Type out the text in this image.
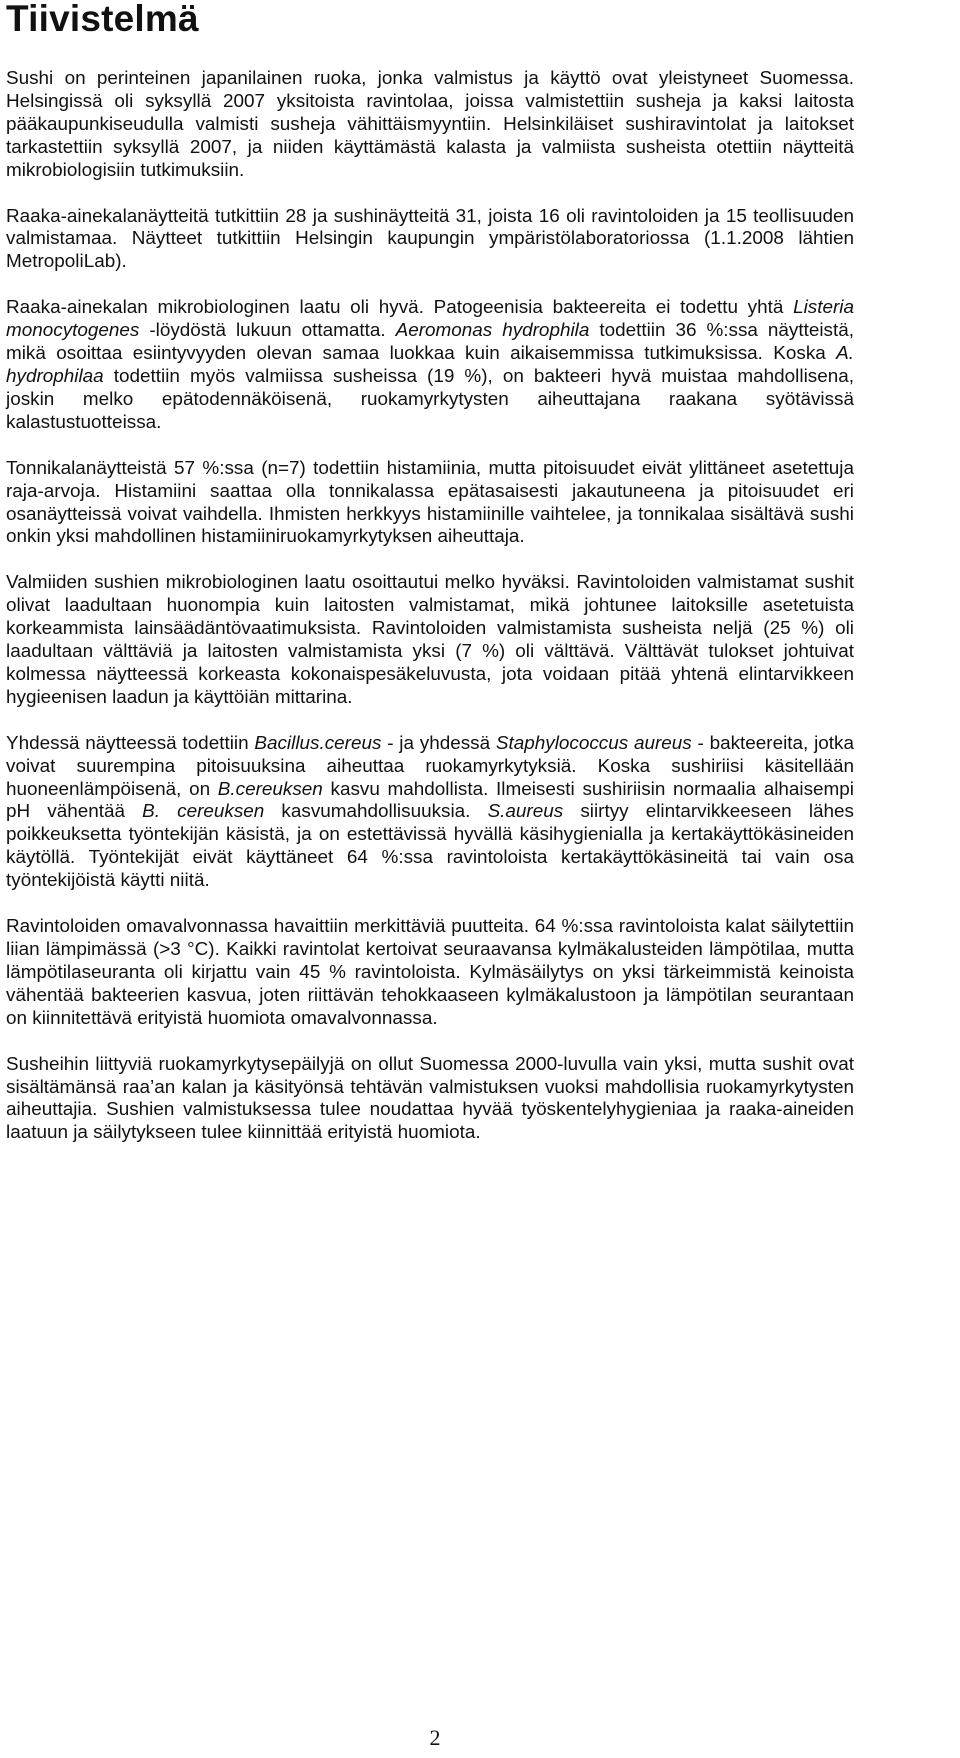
Tiivistelmä

Sushi on perinteinen japanilainen ruoka, jonka valmistus ja käyttö ovat yleistyneet Suomessa. Helsingissä oli syksyllä 2007 yksitoista ravintolaa, joissa valmistettiin susheja ja kaksi laitosta pääkaupunkiseudulla valmisti susheja vähittäismyyntiin. Helsinkiläiset sushiravintolat ja laitokset tarkastettiin syksyllä 2007, ja niiden käyttämästä kalasta ja valmiista susheista otettiin näytteitä mikrobiologisiin tutkimuksiin.

Raaka-ainekalanäytteitä tutkittiin 28 ja sushinäytteitä 31, joista 16 oli ravintoloiden ja 15 teollisuuden valmistamaa. Näytteet tutkittiin Helsingin kaupungin ympäristölaboratoriossa (1.1.2008 lähtien MetropoliLab).

Raaka-ainekalan mikrobiologinen laatu oli hyvä. Patogeenisia bakteereita ei todettu yhtä Listeria monocytogenes -löydöstä lukuun ottamatta. Aeromonas hydrophila todettiin 36 %:ssa näytteistä, mikä osoittaa esiintyvyyden olevan samaa luokkaa kuin aikaisemmissa tutkimuksissa. Koska A. hydrophilaa todettiin myös valmiissa susheissa (19 %), on bakteeri hyvä muistaa mahdollisena, joskin melko epätodennäköisenä, ruokamyrkytysten aiheuttajana raakana syötävissä kalastustuotteissa.

Tonnikalanäytteistä 57 %:ssa (n=7) todettiin histamiinia, mutta pitoisuudet eivät ylittäneet asetettuja raja-arvoja. Histamiini saattaa olla tonnikalassa epätasaisesti jakautuneena ja pitoisuudet eri osanäytteissä voivat vaihdella. Ihmisten herkkyys histamiinille vaihtelee, ja tonnikalaa sisältävä sushi onkin yksi mahdollinen histamiiniruokamyrkytyksen aiheuttaja.

Valmiiden sushien mikrobiologinen laatu osoittautui melko hyväksi. Ravintoloiden valmistamat sushit olivat laadultaan huonompia kuin laitosten valmistamat, mikä johtunee laitoksille asetetuista korkeammista lainsäädäntövaatimuksista. Ravintoloiden valmistamista susheista neljä (25 %) oli laadultaan välttäviä ja laitosten valmistamista yksi (7 %) oli välttävä. Välttävät tulokset johtuivat kolmessa näytteessä korkeasta kokonaispesäkeluvusta, jota voidaan pitää yhtenä elintarvikkeen hygieenisen laadun ja käyttöiän mittarina.

Yhdessä näytteessä todettiin Bacillus.cereus - ja yhdessä Staphylococcus aureus - bakteereita, jotka voivat suurempina pitoisuuksina aiheuttaa ruokamyrkytyksiä. Koska sushiriisi käsitellään huoneenlämpöisenä, on B.cereuksen kasvu mahdollista. Ilmeisesti sushiriisin normaalia alhaisempi pH vähentää B. cereuksen kasvumahdollisuuksia. S.aureus siirtyy elintarvikkeeseen lähes poikkeuksetta työntekijän käsistä, ja on estettävissä hyvällä käsihygienialla ja kertakäyttökäsineiden käytöllä. Työntekijät eivät käyttäneet 64 %:ssa ravintoloista kertakäyttökäsineitä tai vain osa työntekijöistä käytti niitä.

Ravintoloiden omavalvonnassa havaittiin merkittäviä puutteita. 64 %:ssa ravintoloista kalat säilytettiin liian lämpimässä (>3 °C). Kaikki ravintolat kertoivat seuraavansa kylmäkalusteiden lämpötilaa, mutta lämpötilaseuranta oli kirjattu vain 45 % ravintoloista. Kylmäsäilytys on yksi tärkeimmistä keinoista vähentää bakteerien kasvua, joten riittävän tehokkaaseen kylmäkalustoon ja lämpötilan seurantaan on kiinnitettävä erityistä huomiota omavalvonnassa.

Susheihin liittyviä ruokamyrkytysepäilyjä on ollut Suomessa 2000-luvulla vain yksi, mutta sushit ovat sisältämänsä raa’an kalan ja käsityönsä tehtävän valmistuksen vuoksi mahdollisia ruokamyrkytysten aiheuttajia. Sushien valmistuksessa tulee noudattaa hyvää työskentelyhygieniaa ja raaka-aineiden laatuun ja säilytykseen tulee kiinnittää erityistä huomiota.

2
